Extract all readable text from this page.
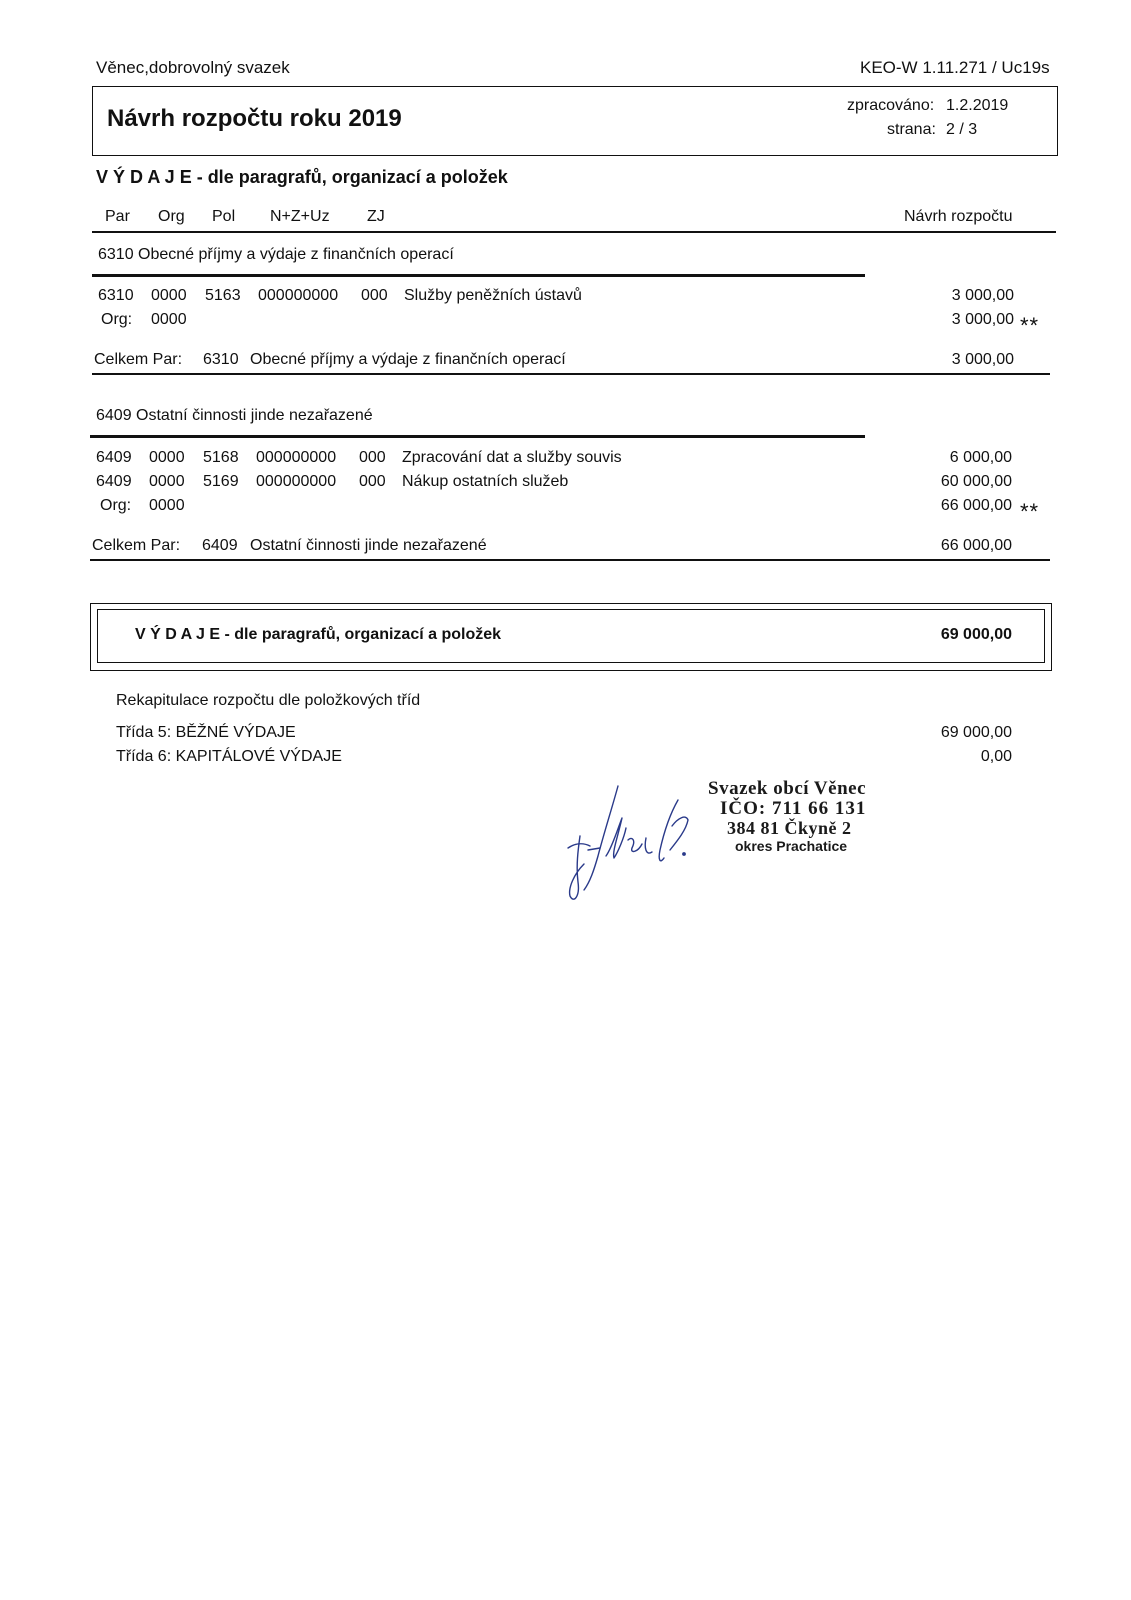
Věnec,dobrovolný svazek	KEO-W 1.11.271 / Uc19s
Návrh rozpočtu roku 2019	zpracováno: 1.2.2019
strana: 2 / 3
V Ý D A J E - dle paragrafů, organizací a položek
Par Org Pol N+Z+Uz ZJ	Návrh rozpočtu
6310 Obecné příjmy a výdaje z finančních operací
6310 0000 5163 000000000 000 Služby peněžních ústavů	3 000,00
Org: 0000	3 000,00 **
Celkem Par: 6310 Obecné příjmy a výdaje z finančních operací	3 000,00
6409 Ostatní činnosti jinde nezařazené
6409 0000 5168 000000000 000 Zpracování dat a služby souvis	6 000,00
6409 0000 5169 000000000 000 Nákup ostatních služeb	60 000,00
Org: 0000	66 000,00 **
Celkem Par: 6409 Ostatní činnosti jinde nezařazené	66 000,00
V Ý D A J E - dle paragrafů, organizací a položek	69 000,00
Rekapitulace rozpočtu dle položkových tříd
Třída 5: BĚŽNÉ VÝDAJE	69 000,00
Třída 6: KAPITÁLOVÉ VÝDAJE	0,00
Svazek obcí Věnec
IČO: 711 66 131
384 81 Čkyně 2
okres Prachatice
